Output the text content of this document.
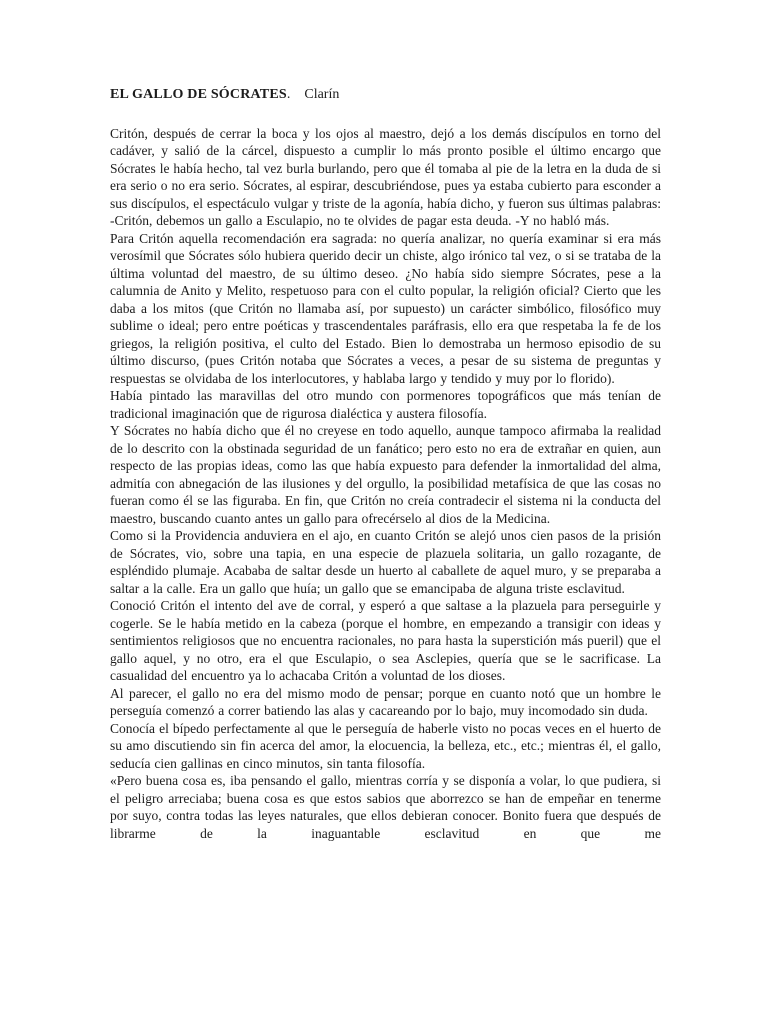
EL GALLO DE SÓCRATES. Clarín

Critón, después de cerrar la boca y los ojos al maestro, dejó a los demás discípulos en torno del cadáver, y salió de la cárcel, dispuesto a cumplir lo más pronto posible el último encargo que Sócrates le había hecho, tal vez burla burlando, pero que él tomaba al pie de la letra en la duda de si era serio o no era serio. Sócrates, al espirar, descubriéndose, pues ya estaba cubierto para esconder a sus discípulos, el espectáculo vulgar y triste de la agonía, había dicho, y fueron sus últimas palabras: -Critón, debemos un gallo a Esculapio, no te olvides de pagar esta deuda. -Y no habló más.

Para Critón aquella recomendación era sagrada: no quería analizar, no quería examinar si era más verosímil que Sócrates sólo hubiera querido decir un chiste, algo irónico tal vez, o si se trataba de la última voluntad del maestro, de su último deseo. ¿No había sido siempre Sócrates, pese a la calumnia de Anito y Melito, respetuoso para con el culto popular, la religión oficial? Cierto que les daba a los mitos (que Critón no llamaba así, por supuesto) un carácter simbólico, filosófico muy sublime o ideal; pero entre poéticas y trascendentales paráfrasis, ello era que respetaba la fe de los griegos, la religión positiva, el culto del Estado. Bien lo demostraba un hermoso episodio de su último discurso, (pues Critón notaba que Sócrates a veces, a pesar de su sistema de preguntas y respuestas se olvidaba de los interlocutores, y hablaba largo y tendido y muy por lo florido).

Había pintado las maravillas del otro mundo con pormenores topográficos que más tenían de tradicional imaginación que de rigurosa dialéctica y austera filosofía.

Y Sócrates no había dicho que él no creyese en todo aquello, aunque tampoco afirmaba la realidad de lo descrito con la obstinada seguridad de un fanático; pero esto no era de extrañar en quien, aun respecto de las propias ideas, como las que había expuesto para defender la inmortalidad del alma, admitía con abnegación de las ilusiones y del orgullo, la posibilidad metafísica de que las cosas no fueran como él se las figuraba. En fin, que Critón no creía contradecir el sistema ni la conducta del maestro, buscando cuanto antes un gallo para ofrecérselo al dios de la Medicina.

Como si la Providencia anduviera en el ajo, en cuanto Critón se alejó unos cien pasos de la prisión de Sócrates, vio, sobre una tapia, en una especie de plazuela solitaria, un gallo rozagante, de espléndido plumaje. Acababa de saltar desde un huerto al caballete de aquel muro, y se preparaba a saltar a la calle. Era un gallo que huía; un gallo que se emancipaba de alguna triste esclavitud.

Conoció Critón el intento del ave de corral, y esperó a que saltase a la plazuela para perseguirle y cogerle. Se le había metido en la cabeza (porque el hombre, en empezando a transigir con ideas y sentimientos religiosos que no encuentra racionales, no para hasta la superstición más pueril) que el gallo aquel, y no otro, era el que Esculapio, o sea Asclepies, quería que se le sacrificase. La casualidad del encuentro ya lo achacaba Critón a voluntad de los dioses.

Al parecer, el gallo no era del mismo modo de pensar; porque en cuanto notó que un hombre le perseguía comenzó a correr batiendo las alas y cacareando por lo bajo, muy incomodado sin duda.

Conocía el bípedo perfectamente al que le perseguía de haberle visto no pocas veces en el huerto de su amo discutiendo sin fin acerca del amor, la elocuencia, la belleza, etc., etc.; mientras él, el gallo, seducía cien gallinas en cinco minutos, sin tanta filosofía.

«Pero buena cosa es, iba pensando el gallo, mientras corría y se disponía a volar, lo que pudiera, si el peligro arreciaba; buena cosa es que estos sabios que aborrezco se han de empeñar en tenerme por suyo, contra todas las leyes naturales, que ellos debieran conocer. Bonito fuera que después de librarme de la inaguantable esclavitud en que me
